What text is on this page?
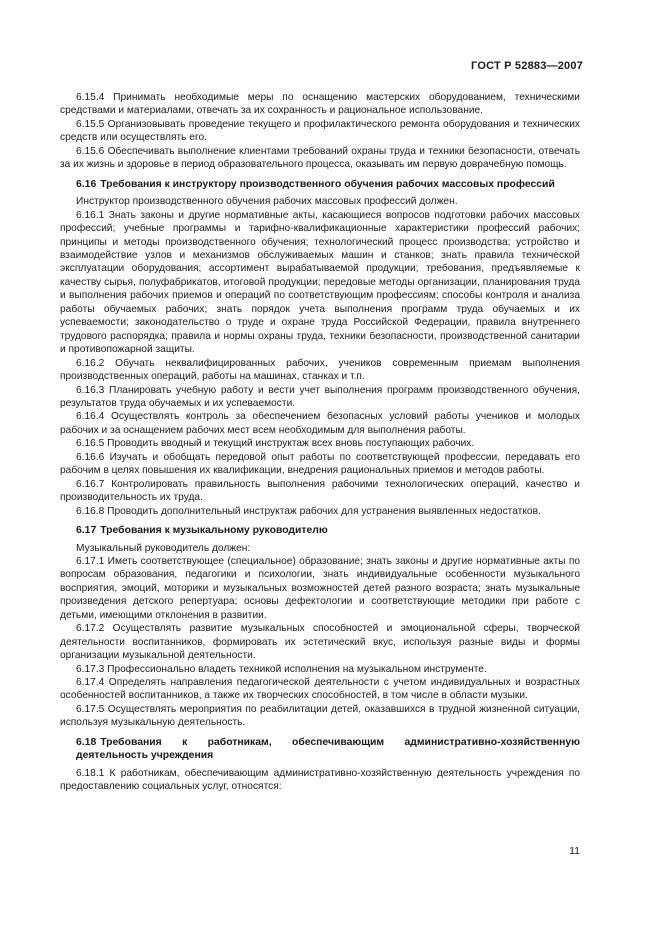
ГОСТ Р 52883—2007

6.15.4 Принимать необходимые меры по оснащению мастерских оборудованием, техническими средствами и материалами, отвечать за их сохранность и рациональное использование.

6.15.5 Организовывать проведение текущего и профилактического ремонта оборудования и технических средств или осуществлять его.

6.15.6 Обеспечивать выполнение клиентами требований охраны труда и техники безопасности, отвечать за их жизнь и здоровье в период образовательного процесса, оказывать им первую доврачебную помощь.

6.16 Требования к инструктору производственного обучения рабочих массовых профессий

Инструктор производственного обучения рабочих массовых профессий должен.

6.16.1 Знать законы и другие нормативные акты, касающиеся вопросов подготовки рабочих массовых профессий; учебные программы и тарифно-квалификационные характеристики профессий рабочих; принципы и методы производственного обучения; технологический процесс производства; устройство и взаимодействие узлов и механизмов обслуживаемых машин и станков; знать правила технической эксплуатации оборудования; ассортимент вырабатываемой продукции; требования, предъявляемые к качеству сырья, полуфабрикатов, итоговой продукции; передовые методы организации, планирования труда и выполнения рабочих приемов и операций по соответствующим профессиям; способы контроля и анализа работы обучаемых рабочих; знать порядок учета выполнения программ труда обучаемых и их успеваемости; законодательство о труде и охране труда Российской Федерации, правила внутреннего трудового распорядка; правила и нормы охраны труда, техники безопасности, производственной санитарии и противопожарной защиты.

6.16.2 Обучать неквалифицированных рабочих, учеников современным приемам выполнения производственных операций, работы на машинах, станках и т.п.

6.16.3 Планировать учебную работу и вести учет выполнения программ производственного обучения, результатов труда обучаемых и их успеваемости.

6.16.4 Осуществлять контроль за обеспечением безопасных условий работы учеников и молодых рабочих и за оснащением рабочих мест всем необходимым для выполнения работы.

6.16.5 Проводить вводный и текущий инструктаж всех вновь поступающих рабочих.

6.16.6 Изучать и обобщать передовой опыт работы по соответствующей профессии, передавать его рабочим в целях повышения их квалификации, внедрения рациональных приемов и методов работы.

6.16.7 Контролировать правильность выполнения рабочими технологических операций, качество и производительность их труда.

6.16.8 Проводить дополнительный инструктаж рабочих для устранения выявленных недостатков.

6.17 Требования к музыкальному руководителю

Музыкальный руководитель должен:

6.17.1 Иметь соответствующее (специальное) образование; знать законы и другие нормативные акты по вопросам образования, педагогики и психологии, знать индивидуальные особенности музыкального восприятия, эмоций, моторики и музыкальных возможностей детей разного возраста; знать музыкальные произведения детского репертуара; основы дефектологии и соответствующие методики при работе с детьми, имеющими отклонения в развитии.

6.17.2 Осуществлять развитие музыкальных способностей и эмоциональной сферы, творческой деятельности воспитанников, формировать их эстетический вкус, используя разные виды и формы организации музыкальной деятельности.

6.17.3 Профессионально владеть техникой исполнения на музыкальном инструменте.

6.17.4 Определять направления педагогической деятельности с учетом индивидуальных и возрастных особенностей воспитанников, а также их творческих способностей, в том числе в области музыки.

6.17.5 Осуществлять мероприятия по реабилитации детей, оказавшихся в трудной жизненной ситуации, используя музыкальную деятельность.

6.18 Требования к работникам, обеспечивающим административно-хозяйственную деятельность учреждения

6.18.1 К работникам, обеспечивающим административно-хозяйственную деятельность учреждения по предоставлению социальных услуг, относятся:

11
